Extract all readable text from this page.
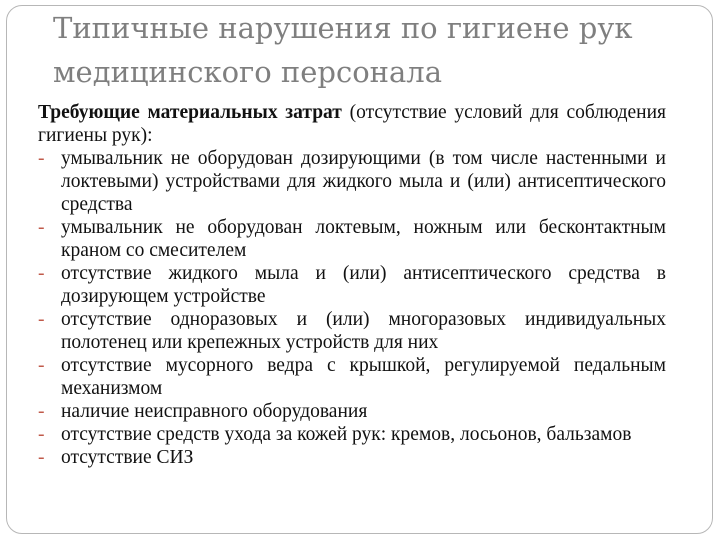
Типичные нарушения по гигиене рук
медицинского персонала

Требующие материальных затрат (отсутствие условий для соблюдения гигиены рук):

- умывальник не оборудован дозирующими (в том числе настенными и локтевыми) устройствами для жидкого мыла и (или) антисептического средства
- умывальник не оборудован локтевым, ножным или бесконтактным краном со смесителем
- отсутствие жидкого мыла и (или) антисептического средства в дозирующем устройстве
- отсутствие одноразовых и (или) многоразовых индивидуальных полотенец или крепежных устройств для них
- отсутствие мусорного ведра с крышкой, регулируемой педальным механизмом
- наличие неисправного оборудования
- отсутствие средств ухода за кожей рук: кремов, лосьонов, бальзамов
- отсутствие СИЗ
